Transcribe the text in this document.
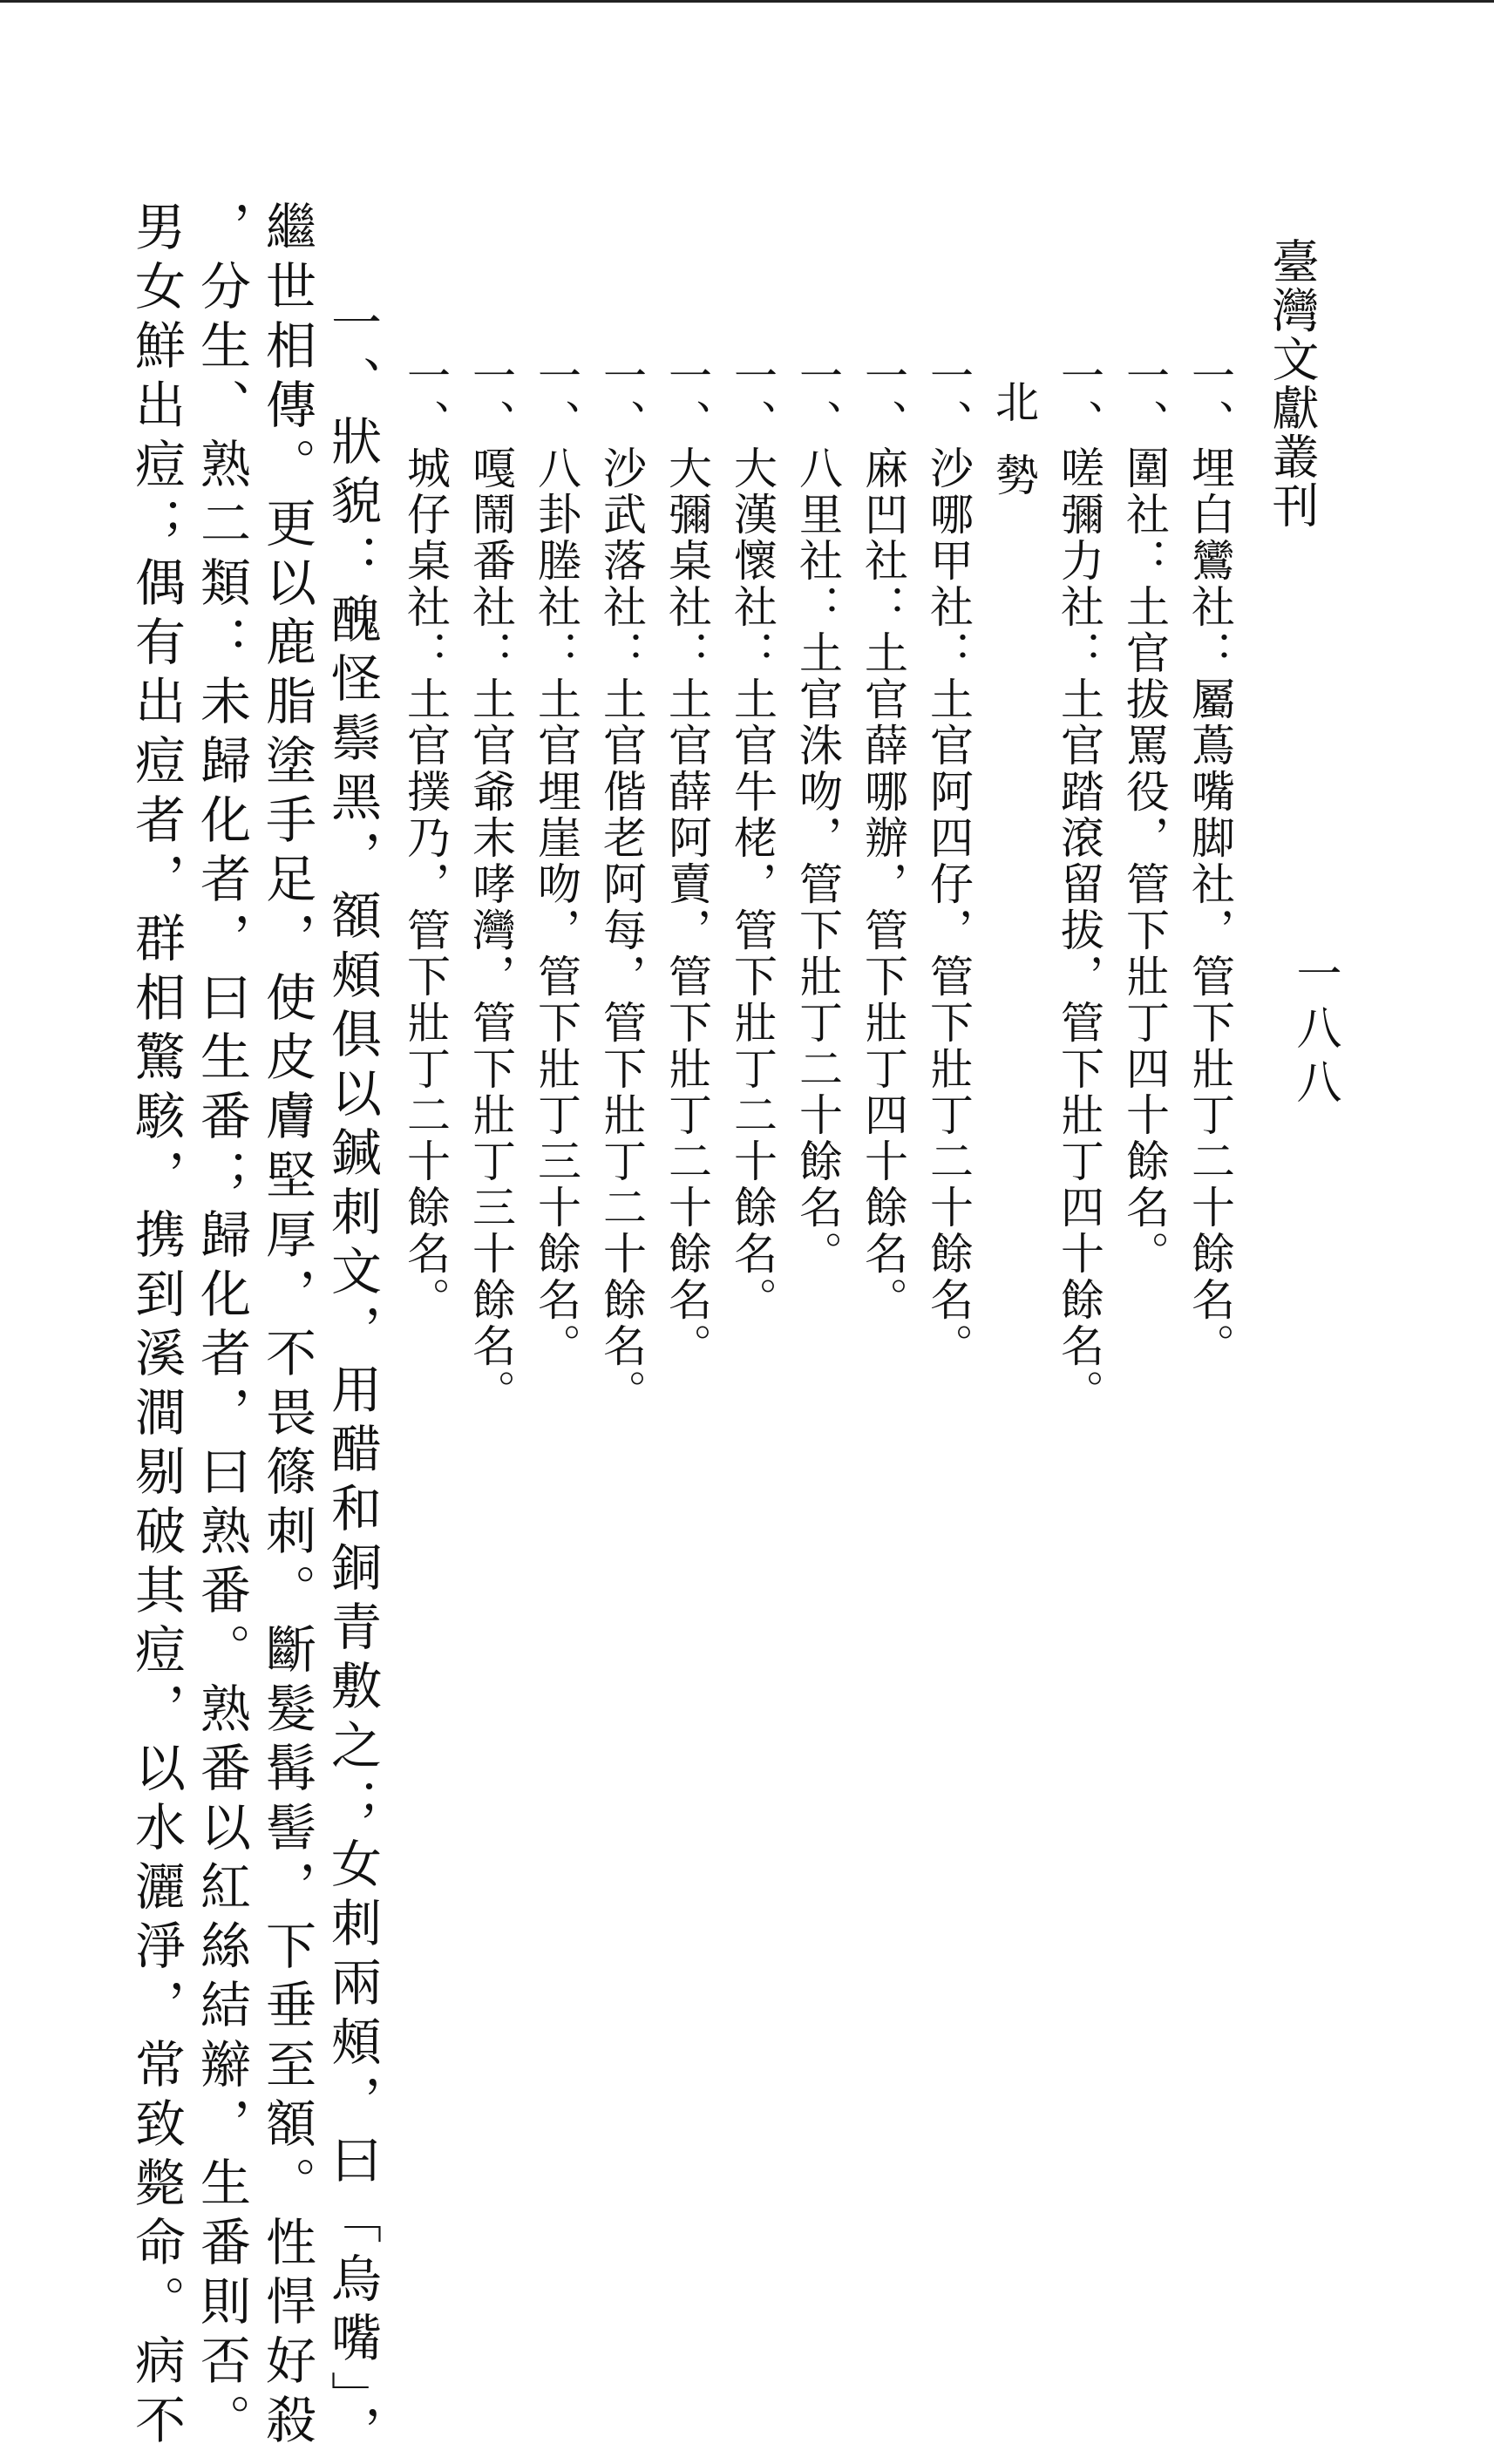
臺灣文獻叢刊
一八八
一、埋白鸞社：屬蔦嘴脚社，管下壯丁二十餘名。
一、圍社：土官拔罵役，管下壯丁四十餘名。
一、嗟彌力社：土官踏滾留拔，管下壯丁四十餘名。
北勢
一、沙哪甲社：土官阿四仔，管下壯丁二十餘名。
一、麻凹社：土官薛哪辦，管下壯丁四十餘名。
一、八里社：土官洙吻，管下壯丁二十餘名。
一、大漢懷社：土官牛栳，管下壯丁二十餘名。
一、大彌桌社：土官薛阿賣，管下壯丁二十餘名。
一、沙武落社：土官偕老阿每，管下壯丁二十餘名。
一、八卦塍社：土官埋崖吻，管下壯丁三十餘名。
一、嘎鬧番社：土官爺末哮灣，管下壯丁三十餘名。
一、城仔桌社：土官撲乃，管下壯丁二十餘名。
一、狀貌：醜怪鬃黑，額頰俱以鍼刺文，用醋和銅青敷之；女刺兩頰，曰「烏嘴」，
繼世相傳。更以鹿脂塗手足，使皮膚堅厚，不畏篠刺。斷髮髯髻，下垂至額。性悍好殺
，分生、熟二類：未歸化者，曰生番；歸化者，曰熟番。熟番以紅絲結辮，生番則否。
男女鮮出痘；偶有出痘者，群相驚駭，携到溪澗剔破其痘，以水灑淨，常致斃命。病不
